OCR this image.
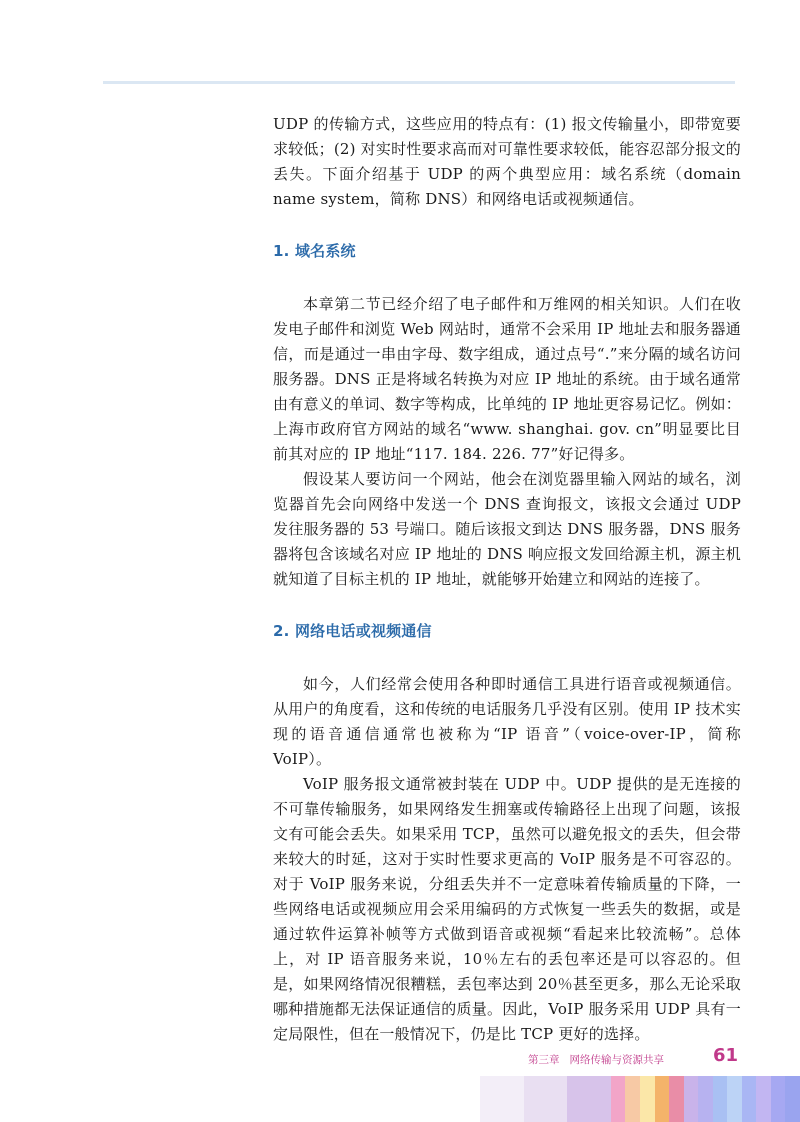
UDP 的传输方式，这些应用的特点有：(1) 报文传输量小，即带宽要求较低；(2) 对实时性要求高而对可靠性要求较低，能容忍部分报文的丢失。下面介绍基于 UDP 的两个典型应用：域名系统（domain name system，简称 DNS）和网络电话或视频通信。

1. 域名系统

本章第二节已经介绍了电子邮件和万维网的相关知识。人们在收发电子邮件和浏览 Web 网站时，通常不会采用 IP 地址去和服务器通信，而是通过一串由字母、数字组成，通过点号“.”来分隔的域名访问服务器。DNS 正是将域名转换为对应 IP 地址的系统。由于域名通常由有意义的单词、数字等构成，比单纯的 IP 地址更容易记忆。例如：上海市政府官方网站的域名“www. shanghai. gov. cn”明显要比目前其对应的 IP 地址“117. 184. 226. 77”好记得多。

假设某人要访问一个网站，他会在浏览器里输入网站的域名，浏览器首先会向网络中发送一个 DNS 查询报文，该报文会通过 UDP 发往服务器的 53 号端口。随后该报文到达 DNS 服务器，DNS 服务器将包含该域名对应 IP 地址的 DNS 响应报文发回给源主机，源主机就知道了目标主机的 IP 地址，就能够开始建立和网站的连接了。

2. 网络电话或视频通信

如今，人们经常会使用各种即时通信工具进行语音或视频通信。从用户的角度看，这和传统的电话服务几乎没有区别。使用 IP 技术实现的语音通信通常也被称为“IP 语音”（voice-over-IP，简称 VoIP）。

VoIP 服务报文通常被封装在 UDP 中。UDP 提供的是无连接的不可靠传输服务，如果网络发生拥塞或传输路径上出现了问题，该报文有可能会丢失。如果采用 TCP，虽然可以避免报文的丢失，但会带来较大的时延，这对于实时性要求更高的 VoIP 服务是不可容忍的。对于 VoIP 服务来说，分组丢失并不一定意味着传输质量的下降，一些网络电话或视频应用会采用编码的方式恢复一些丢失的数据，或是通过软件运算补帧等方式做到语音或视频“看起来比较流畅”。总体上，对 IP 语音服务来说，10％左右的丢包率还是可以容忍的。但是，如果网络情况很糟糕，丢包率达到 20％甚至更多，那么无论采取哪种措施都无法保证通信的质量。因此，VoIP 服务采用 UDP 具有一定局限性，但在一般情况下，仍是比 TCP 更好的选择。

第三章 网络传输与资源共享	61
